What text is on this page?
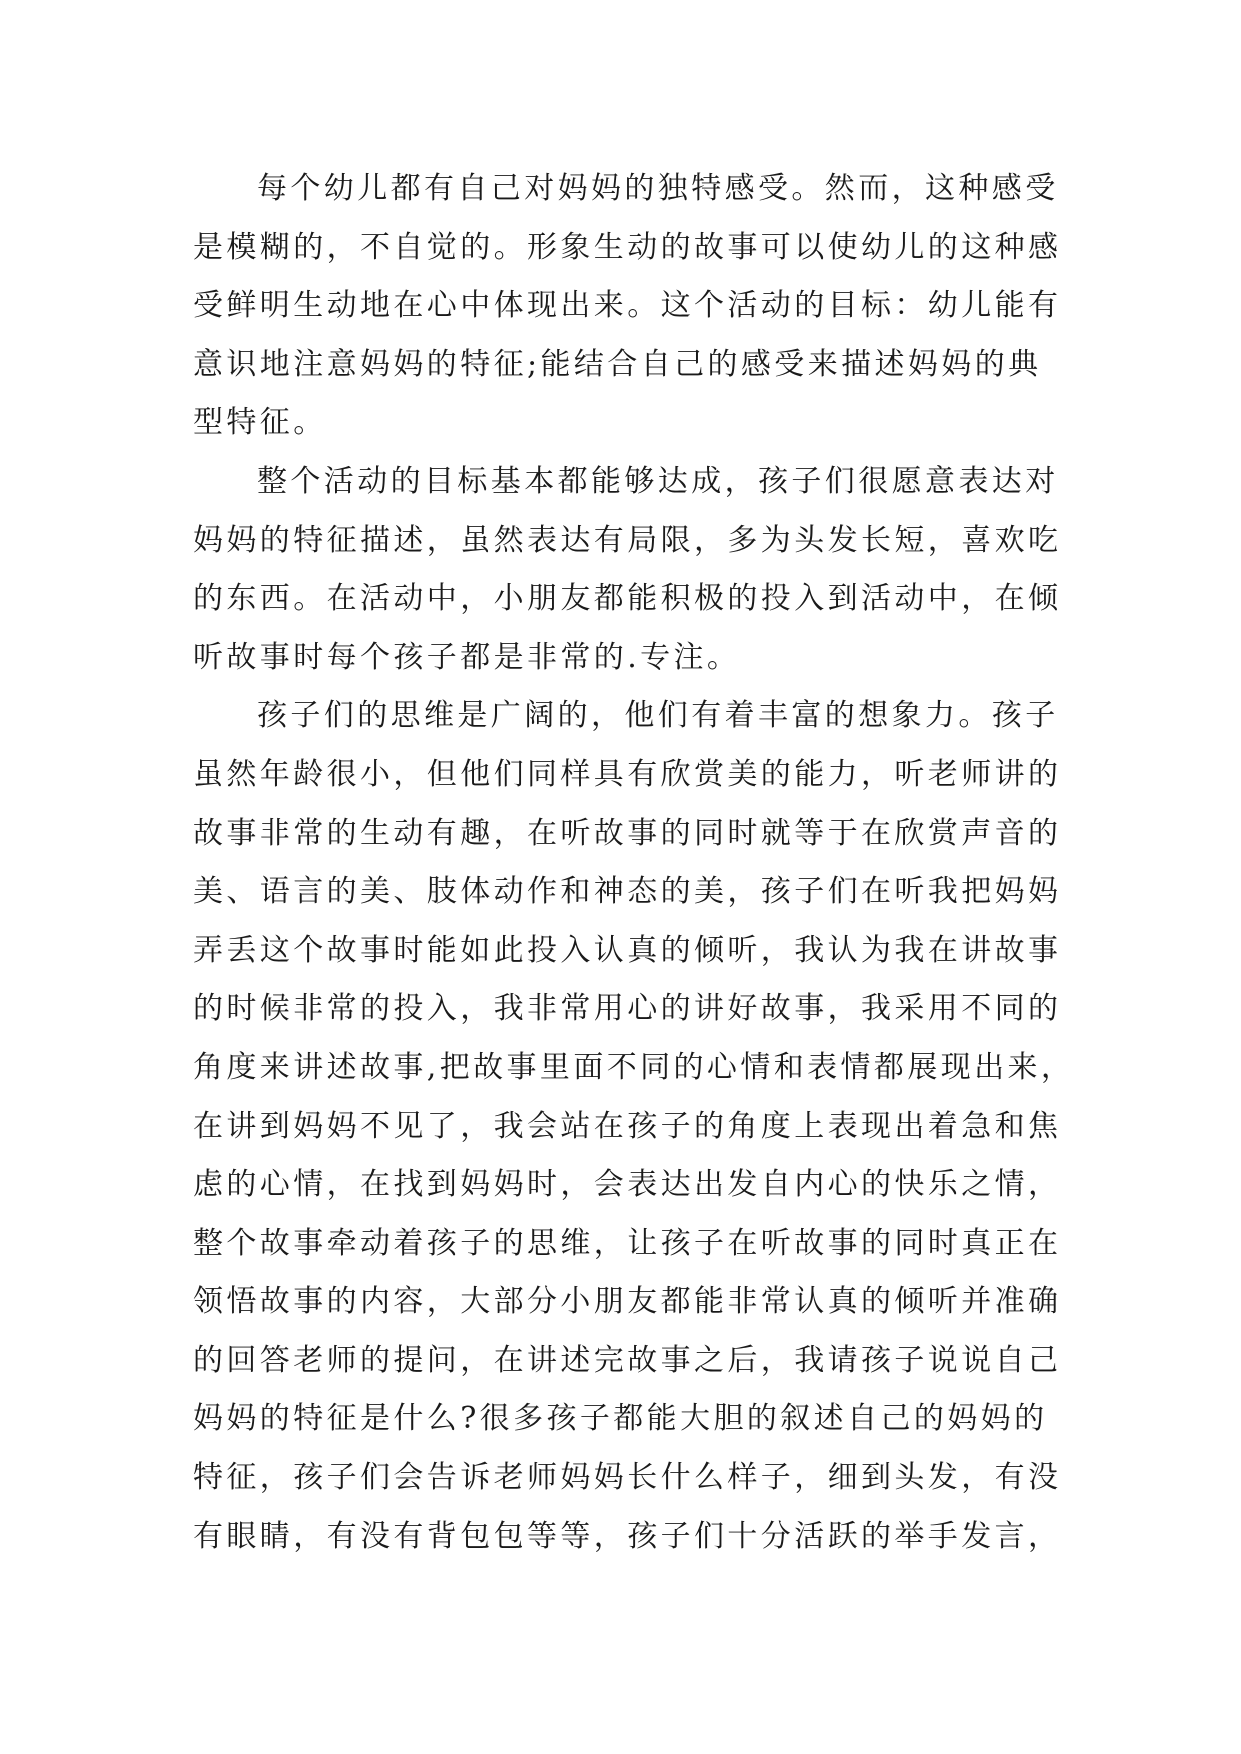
每个幼儿都有自己对妈妈的独特感受。然而，这种感受
是模糊的，不自觉的。形象生动的故事可以使幼儿的这种感
受鲜明生动地在心中体现出来。这个活动的目标：幼儿能有
意识地注意妈妈的特征;能结合自己的感受来描述妈妈的典
型特征。

整个活动的目标基本都能够达成，孩子们很愿意表达对
妈妈的特征描述，虽然表达有局限，多为头发长短，喜欢吃
的东西。在活动中，小朋友都能积极的投入到活动中，在倾
听故事时每个孩子都是非常的.专注。

孩子们的思维是广阔的，他们有着丰富的想象力。孩子
虽然年龄很小，但他们同样具有欣赏美的能力，听老师讲的
故事非常的生动有趣，在听故事的同时就等于在欣赏声音的
美、语言的美、肢体动作和神态的美，孩子们在听我把妈妈
弄丢这个故事时能如此投入认真的倾听，我认为我在讲故事
的时候非常的投入，我非常用心的讲好故事，我采用不同的
角度来讲述故事,把故事里面不同的心情和表情都展现出来，
在讲到妈妈不见了，我会站在孩子的角度上表现出着急和焦
虑的心情，在找到妈妈时，会表达出发自内心的快乐之情，
整个故事牵动着孩子的思维，让孩子在听故事的同时真正在
领悟故事的内容，大部分小朋友都能非常认真的倾听并准确
的回答老师的提问，在讲述完故事之后，我请孩子说说自己
妈妈的特征是什么?很多孩子都能大胆的叙述自己的妈妈的
特征，孩子们会告诉老师妈妈长什么样子，细到头发，有没
有眼睛，有没有背包包等等，孩子们十分活跃的举手发言，
